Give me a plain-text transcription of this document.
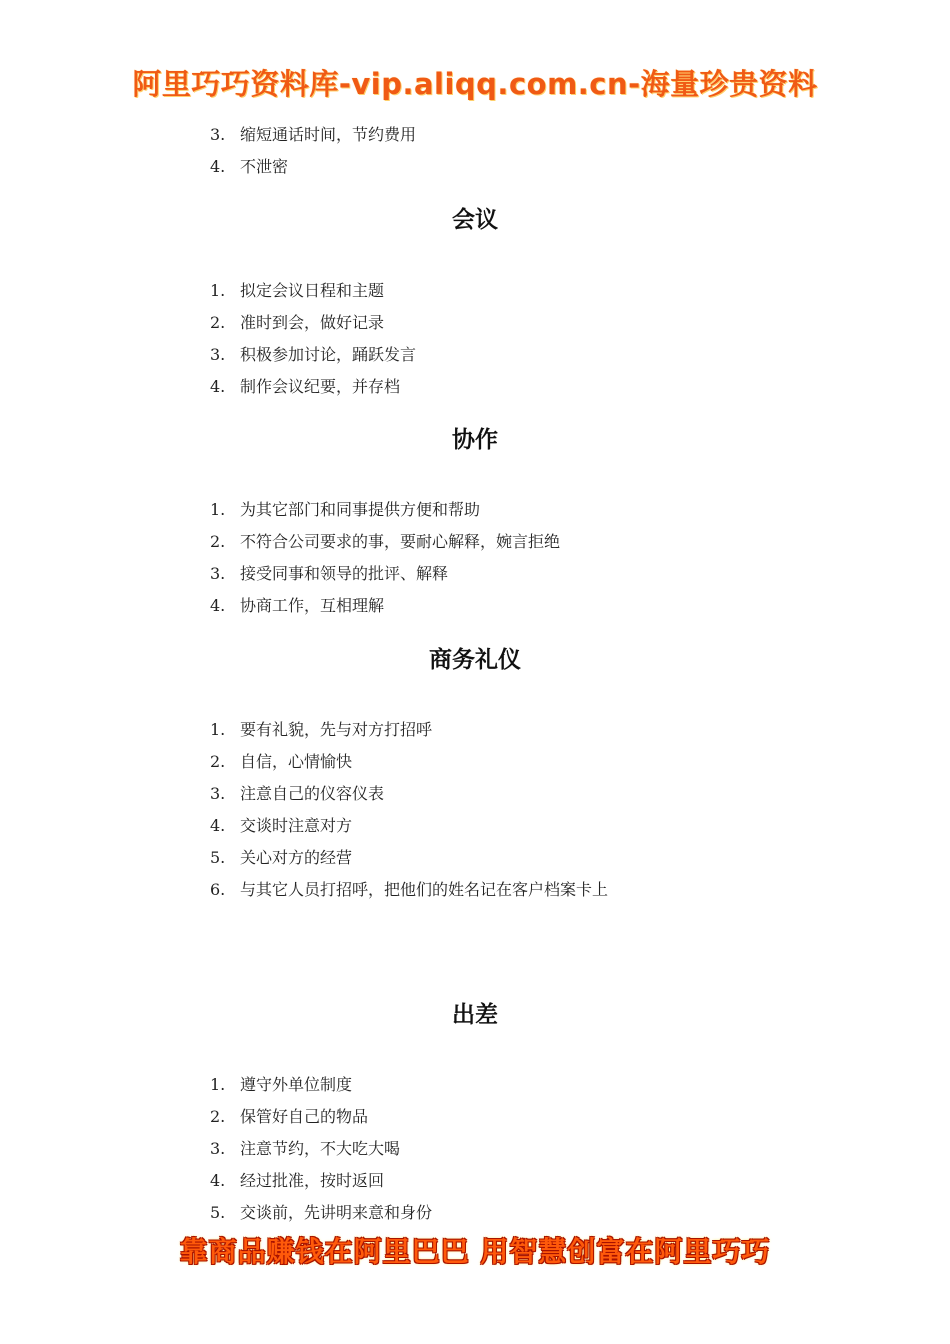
阿里巧巧资料库-vip.aliqq.com.cn-海量珍贵资料
3. 缩短通话时间，节约费用
4. 不泄密
会议
1. 拟定会议日程和主题
2. 准时到会，做好记录
3. 积极参加讨论，踊跃发言
4. 制作会议纪要，并存档
协作
1. 为其它部门和同事提供方便和帮助
2. 不符合公司要求的事，要耐心解释，婉言拒绝
3. 接受同事和领导的批评、解释
4. 协商工作，互相理解
商务礼仪
1. 要有礼貌，先与对方打招呼
2. 自信，心情愉快
3. 注意自己的仪容仪表
4. 交谈时注意对方
5. 关心对方的经营
6. 与其它人员打招呼，把他们的姓名记在客户档案卡上
出差
1. 遵守外单位制度
2. 保管好自己的物品
3. 注意节约，不大吃大喝
4. 经过批准，按时返回
5. 交谈前，先讲明来意和身份
靠商品赚钱在阿里巴巴 用智慧创富在阿里巧巧
